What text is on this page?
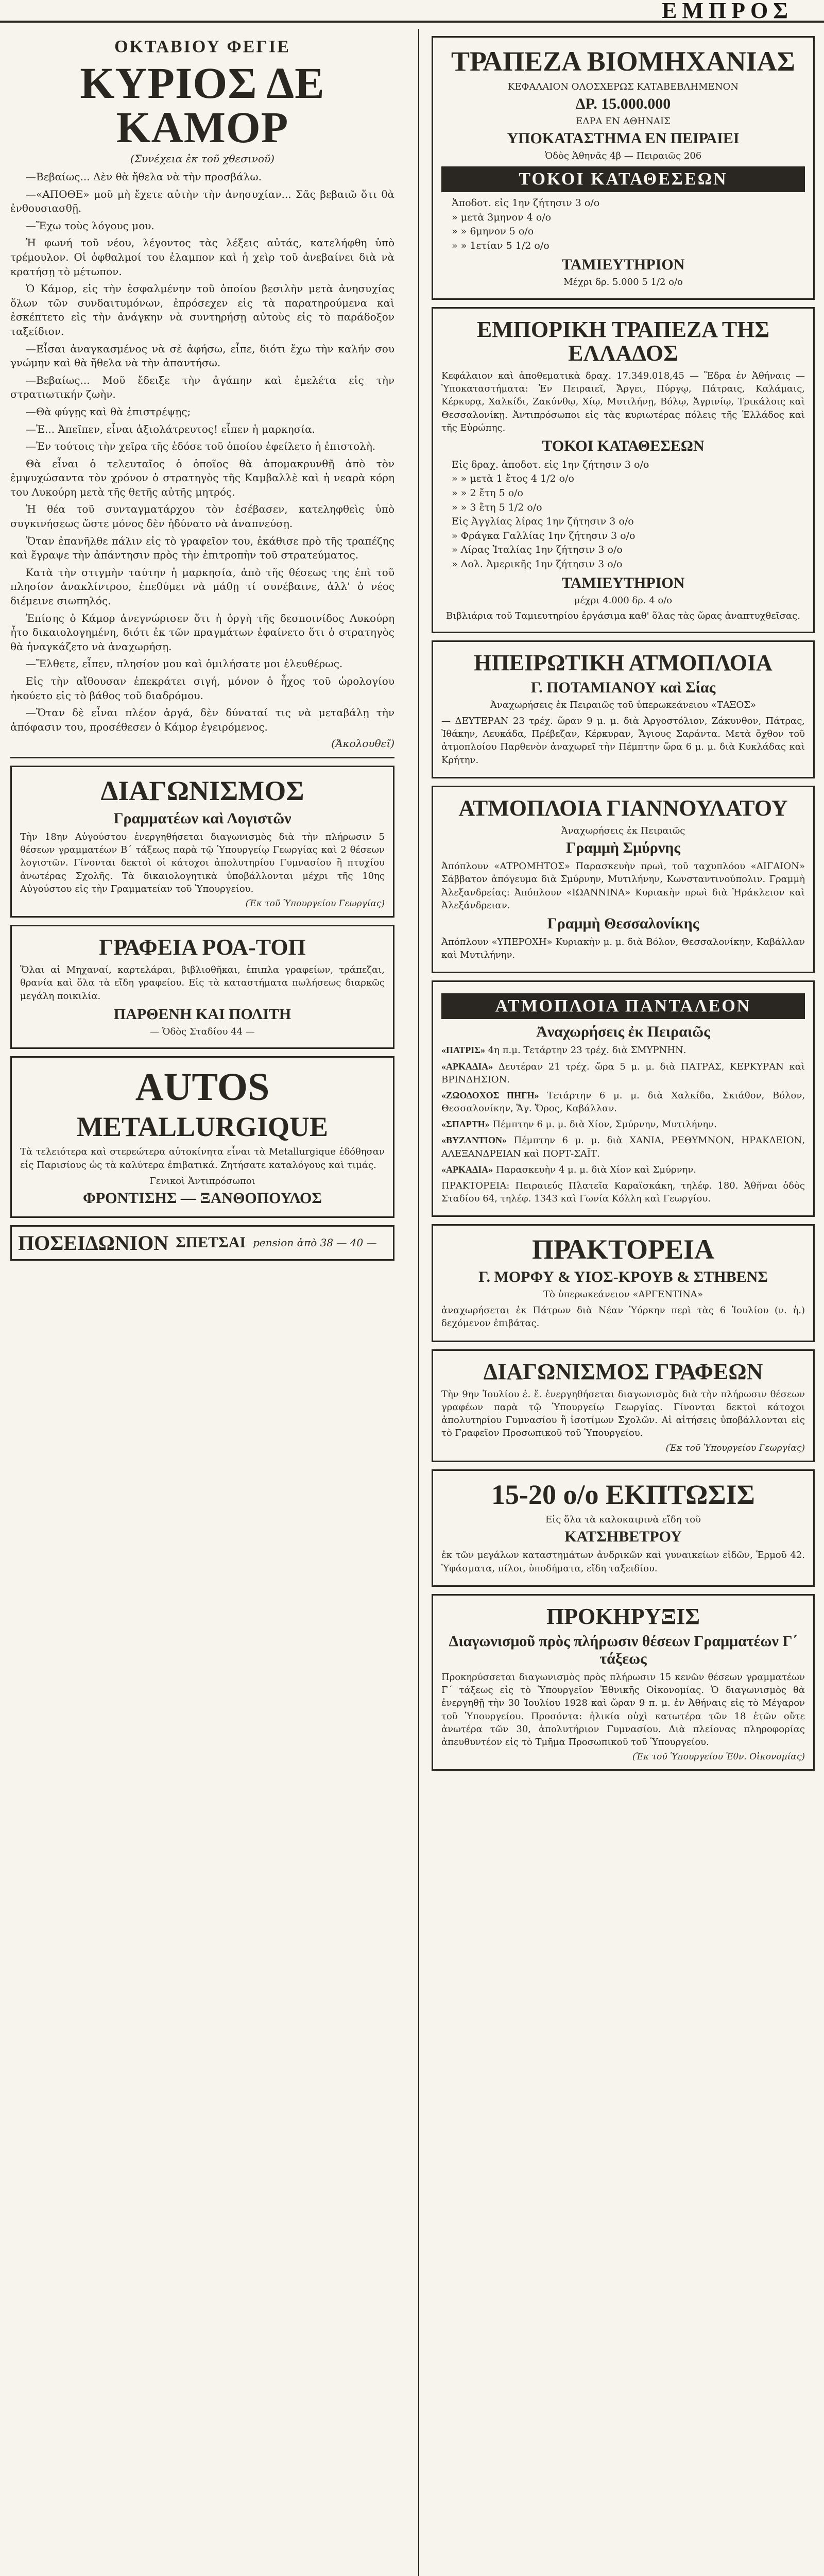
ΕΜΠΡΟΣ
ΟΚΤΑΒΙΟΥ ΦΕΓΙΕ
ΚΥΡΙΟΣ ΔΕ ΚΑΜΟΡ
(Συνέχεια ἐκ τοῦ χθεσινοῦ)

—Βεβαίως... Δὲν θὰ ἤθελα νὰ τὴν προσβάλω.

—«ΑΠΟΘΕ» μοῦ μὴ ἔχετε αὐτὴν τὴν ἀνησυχίαν... Σᾶς βεβαιῶ ὅτι θὰ ἐνθουσιασθῇ.

—Ἔχω τοὺς λόγους μου.

Ἡ φωνή τοῦ νέου, λέγοντος τὰς λέξεις αὐτάς, κατελήφθη ὑπὸ τρέμουλον. Οἱ ὀφθαλμοί του ἐλαμπον καὶ ἡ χεὶρ τοῦ ἀνεβαίνει διὰ νὰ κρατήσῃ τὸ μέτωπον.

Ὁ Κάμορ, εἰς τὴν ἐσφαλμένην τοῦ ὁποίου βεσιλὴν μετὰ ἀνησυχίας ὅλων τῶν συνδαιτυμόνων, ἐπρόσεχεν εἰς τὰ παρατηρούμενα καὶ ἐσκέπτετο εἰς τὴν ἀνάγκην νὰ συντηρήσῃ αὐτοὺς εἰς τὸ παράδοξον ταξείδιον.

—Εἶσαι ἀναγκασμένος νὰ σὲ ἀφήσω, εἶπε, διότι ἔχω τὴν καλήν σου γνώμην καὶ θὰ ἤθελα νὰ τὴν ἀπαντήσω.

—Βεβαίως... Μοῦ ἔδειξε τὴν ἀγάπην καὶ ἐμελέτα εἰς τὴν στρατιωτικήν ζωὴν.

—Θὰ φύγῃς καὶ θὰ ἐπιστρέψῃς;

—Ἐ... Ἀπεῖπεν, εἶναι ἀξιολάτρευτος! εἶπεν ἡ μαρκησία.

—Ἐν τούτοις τὴν χεῖρα τῆς ἐδόσε τοῦ ὁποίου ἐφείλετο ἡ ἐπιστολὴ.

Θὰ εἶναι ὁ τελευταῖος ὁ ὁποῖος θὰ ἀπομακρυνθῇ ἀπὸ τὸν ἐμψυχώσαντα τὸν χρόνον ὁ στρατηγὸς τῆς Καμβαλλὲ καὶ ἡ νεαρὰ κόρη του Λυκούρη μετὰ τῆς θετῆς αὐτῆς μητρός.

Ἡ θέα τοῦ συνταγματάρχου τὸν ἐσέβασεν, κατεληφθεὶς ὑπὸ συγκινήσεως ὥστε μόνος δὲν ἠδύνατο νὰ ἀναπνεύσῃ.

Ὅταν ἐπανῆλθε πάλιν εἰς τὸ γραφεῖον του, ἐκάθισε πρὸ τῆς τραπέζης καὶ ἔγραψε τὴν ἀπάντησιν πρὸς τὴν ἐπιτροπὴν τοῦ στρατεύματος.

Κατὰ τὴν στιγμὴν ταύτην ἡ μαρκησία, ἀπὸ τῆς θέσεως της ἐπὶ τοῦ πλησίον ἀνακλίντρου, ἐπεθύμει νὰ μάθῃ τί συνέβαινε, ἀλλ' ὁ νέος διέμεινε σιωπηλός.

Ἐπίσης ὁ Κάμορ ἀνεγνώρισεν ὅτι ἡ ὀργὴ τῆς δεσποινίδος Λυκούρη ἦτο δικαιολογημένη, διότι ἐκ τῶν πραγμάτων ἐφαίνετο ὅτι ὁ στρατηγὸς θὰ ἠναγκάζετο νὰ ἀναχωρήσῃ.

—Ἔλθετε, εἶπεν, πλησίον μου καὶ ὁμιλήσατε μοι ἐλευθέρως.

Εἰς τὴν αἴθουσαν ἐπεκράτει σιγή, μόνον ὁ ἦχος τοῦ ὡρολογίου ἠκούετο εἰς τὸ βάθος τοῦ διαδρόμου.

—Ὅταν δὲ εἶναι πλέον ἀργά, δὲν δύναταί τις νὰ μεταβάλῃ τὴν ἀπόφασιν του, προσέθεσεν ὁ Κάμορ ἐγειρόμενος.

(Ἀκολουθεῖ)
ΔΙΑΓΩΝΙΣΜΟΣ
Γραμματέων καὶ Λογιστῶν
Τὴν 18ην Αὐγούστου ἐνεργηθήσεται διαγωνισμὸς διὰ τὴν πλήρωσιν 5 θέσεων γραμματέων Β΄ τάξεως παρὰ τῷ Ὑπουργείῳ Γεωργίας καὶ 2 θέσεων λογιστῶν. Γίνονται δεκτοὶ οἱ κάτοχοι ἀπολυτηρίου Γυμνασίου ἢ πτυχίου ἀνωτέρας Σχολῆς. Τὰ δικαιολογητικὰ ὑποβάλλονται μέχρι τῆς 10ης Αὐγούστου εἰς τὴν Γραμματείαν τοῦ Ὑπουργείου.
(Ἐκ τοῦ Ὑπουργείου Γεωργίας)
ΓΡΑΦΕΙΑ ΡΟΑ-ΤΟΠ
Ὅλαι αἱ Μηχαναί, καρτελάραι, βιβλιοθῆκαι, ἐπιπλα γραφείων, τράπεζαι, θρανία καὶ ὅλα τὰ εἴδη γραφείου. Εἰς τὰ καταστήματα πωλήσεως διαρκῶς μεγάλη ποικιλία.
ΠΑΡΘΕΝΗ ΚΑΙ ΠΟΛΙΤΗ
— Ὁδὸς Σταδίου 44 —
AUTOS
METALLURGIQUE
Τὰ τελειότερα καὶ στερεώτερα αὐτοκίνητα εἶναι τὰ Metallurgique ἐδόθησαν εἰς Παρισίους ὡς τὰ καλύτερα ἐπιβατικά. Ζητήσατε καταλόγους καὶ τιμάς.
Γενικοὶ Ἀντιπρόσωποι
ΦΡΟΝΤΙΣΗΣ — ΞΑΝΘΟΠΟΥΛΟΣ
ΠΟΣΕΙΔΩΝΙΟΝ ΣΠΕΤΣΑΙ pension ἀπὸ 38 — 40 —
ΤΡΑΠΕΖΑ ΒΙΟΜΗΧΑΝΙΑΣ
ΚΕΦΑΛΑΙΟΝ ΟΛΟΣΧΕΡΩΣ ΚΑΤΑΒΕΒΛΗΜΕΝΟΝ
ΔΡ. 15.000.000
ΕΔΡΑ ΕΝ ΑΘΗΝΑΙΣ
ΥΠΟΚΑΤΑΣΤΗΜΑ ΕΝ ΠΕΙΡΑΙΕΙ
Ὁδὸς Ἀθηνᾶς 4β — Πειραιῶς 206
ΤΟΚΟΙ ΚΑΤΑΘΕΣΕΩΝ
Ἀποδοτ. εἰς 1ην ζήτησιν 3 ο/ο
» μετὰ 3μηνον 4 ο/ο
» » 6μηνον 5 ο/ο
» » 1ετίαν 5 1/2 ο/ο
ΤΑΜΙΕΥΤΗΡΙΟΝ
Μέχρι δρ. 5.000 5 1/2 ο/ο
ΕΜΠΟΡΙΚΗ ΤΡΑΠΕΖΑ ΤΗΣ ΕΛΛΑΔΟΣ
Κεφάλαιον καὶ ἀποθεματικὰ δραχ. 17.349.018,45 — Ἕδρα ἐν Ἀθήναις — Ὑποκαταστήματα: Ἐν Πειραιεῖ, Ἄργει, Πύργῳ, Πάτραις, Καλάμαις, Κέρκυρᾳ, Χαλκίδι, Ζακύνθῳ, Χίῳ, Μυτιλήνῃ, Βόλῳ, Ἀγρινίῳ, Τρικάλοις καὶ Θεσσαλονίκῃ. Ἀντιπρόσωποι εἰς τὰς κυριωτέρας πόλεις τῆς Ἑλλάδος καὶ τῆς Εὐρώπης.
ΤΟΚΟΙ ΚΑΤΑΘΕΣΕΩΝ
Εἰς δραχ. ἀποδοτ. εἰς 1ην ζήτησιν 3 ο/ο
» » μετὰ 1 ἔτος 4 1/2 ο/ο
» » 2 ἔτη 5 ο/ο
» » 3 ἔτη 5 1/2 ο/ο
Εἰς Ἀγγλίας λίρας 1ην ζήτησιν 3 ο/ο
» Φράγκα Γαλλίας 1ην ζήτησιν 3 ο/ο
» Λίρας Ἰταλίας 1ην ζήτησιν 3 ο/ο
» Δολ. Ἀμερικῆς 1ην ζήτησιν 3 ο/ο
ΤΑΜΙΕΥΤΗΡΙΟΝ
μέχρι 4.000 δρ. 4 ο/ο
Βιβλιάρια τοῦ Ταμιευτηρίου ἐργάσιμα καθ' ὅλας τὰς ὥρας ἀναπτυχθεῖσας.
ΗΠΕΙΡΩΤΙΚΗ ΑΤΜΟΠΛΟΙΑ
Γ. ΠΟΤΑΜΙΑΝΟΥ καὶ Σίας
Ἀναχωρήσεις ἐκ Πειραιῶς τοῦ ὑπερωκεάνειου «ΤΑΞΟΣ»
— ΔΕΥΤΕΡΑΝ 23 τρέχ. ὥραν 9 μ. μ. διὰ Ἀργοστόλιον, Ζάκυνθον, Πάτρας, Ἰθάκην, Λευκάδα, Πρέβεζαν, Κέρκυραν, Ἅγιους Σαράντα. Μετὰ ὄχθον τοῦ ἀτμοπλοίου Παρθενὸν ἀναχωρεῖ τὴν Πέμπτην ὥρα 6 μ. μ. διὰ Κυκλάδας καὶ Κρήτην.
ΑΤΜΟΠΛΟΙΑ ΓΙΑΝΝΟΥΛΑΤΟΥ
Ἀναχωρήσεις ἐκ Πειραιῶς
Γραμμὴ Σμύρνης
Ἀπόπλουν «ΑΤΡΟΜΗΤΟΣ» Παρασκευὴν πρωὶ, τοῦ ταχυπλόου «ΑΙΓΑΙΟΝ» Σάββατον ἀπόγευμα διὰ Σμύρνην, Μυτιλήνην, Κωνσταντινούπολιν. Γραμμὴ Ἀλεξανδρείας: Ἀπόπλουν «ΙΩΑΝΝΙΝΑ» Κυριακὴν πρωὶ διὰ Ἡράκλειον καὶ Ἀλεξάνδρειαν.
Γραμμὴ Θεσσαλονίκης
Ἀπόπλουν «ΥΠΕΡΟΧΗ» Κυριακὴν μ. μ. διὰ Βόλον, Θεσσαλονίκην, Καβάλλαν καὶ Μυτιλήνην.
ΑΤΜΟΠΛΟΙΑ ΠΑΝΤΑΛΕΟΝ
Ἀναχωρήσεις ἐκ Πειραιῶς
«ΠΑΤΡΙΣ» 4η π.μ. Τετάρτην 23 τρέχ. διὰ ΣΜΥΡΝΗΝ.
«ΑΡΚΑΔΙΑ» Δευτέραν 21 τρέχ. ὥρα 5 μ. μ. διὰ ΠΑΤΡΑΣ, ΚΕΡΚΥΡΑΝ καὶ ΒΡΙΝΔΗΣΙΟΝ.
«ΖΩΟΔΟΧΟΣ ΠΗΓΗ» Τετάρτην 6 μ. μ. διὰ Χαλκίδα, Σκιάθον, Βόλον, Θεσσαλονίκην, Ἅγ. Ὄρος, Καβάλλαν.
«ΣΠΑΡΤΗ» Πέμπτην 6 μ. μ. διὰ Χίον, Σμύρνην, Μυτιλήνην.
«ΒΥΖΑΝΤΙΟΝ» Πέμπτην 6 μ. μ. διὰ ΧΑΝΙΑ, ΡΕΘΥΜΝΟΝ, ΗΡΑΚΛΕΙΟΝ, ΑΛΕΞΑΝΔΡΕΙΑΝ καὶ ΠΟΡΤ-ΣΑΪΤ.
«ΑΡΚΑΔΙΑ» Παρασκευὴν 4 μ. μ. διὰ Χίον καὶ Σμύρνην.
ΠΡΑΚΤΟΡΕΙΑ: Πειραιεύς Πλατεῖα Καραϊσκάκη, τηλέφ. 180. Ἀθῆναι ὁδὸς Σταδίου 64, τηλέφ. 1343 καὶ Γωνία Κόλλη καὶ Γεωργίου.
ΠΡΑΚΤΟΡΕΙΑ
Γ. ΜΟΡΦΥ & ΥΙΟΣ-ΚΡΟΥΒ & ΣΤΗΒΕΝΣ
Τὸ ὑπερωκεάνειον «ΑΡΓΕΝΤΙΝΑ»
ἀναχωρήσεται ἐκ Πάτρων διὰ Νέαν Ὑόρκην περὶ τὰς 6 Ἰουλίου (ν. ἡ.) δεχόμενον ἐπιβάτας.
ΔΙΑΓΩΝΙΣΜΟΣ ΓΡΑΦΕΩΝ
Τὴν 9ην Ἰουλίου ἐ. ἔ. ἐνεργηθήσεται διαγωνισμὸς διὰ τὴν πλήρωσιν θέσεων γραφέων παρὰ τῷ Ὑπουργείῳ Γεωργίας. Γίνονται δεκτοὶ κάτοχοι ἀπολυτηρίου Γυμνασίου ἢ ἰσοτίμων Σχολῶν. Αἱ αἰτήσεις ὑποβάλλονται εἰς τὸ Γραφεῖον Προσωπικοῦ τοῦ Ὑπουργείου.
(Ἐκ τοῦ Ὑπουργείου Γεωργίας)
15-20 ο/ο ΕΚΠΤΩΣΙΣ
Εἰς ὅλα τὰ καλοκαιρινὰ εἴδη τοῦ
ΚΑΤΣΗΒΕΤΡΟΥ
ἐκ τῶν μεγάλων καταστημάτων ἀνδρικῶν καὶ γυναικείων εἰδῶν, Ἑρμοῦ 42. Ὑφάσματα, πίλοι, ὑποδήματα, εἴδη ταξειδίου.
ΠΡΟΚΗΡΥΞΙΣ
Διαγωνισμοῦ πρὸς πλήρωσιν θέσεων Γραμματέων Γ΄ τάξεως
Προκηρύσσεται διαγωνισμὸς πρὸς πλήρωσιν 15 κενῶν θέσεων γραμματέων Γ΄ τάξεως εἰς τὸ Ὑπουργεῖον Ἐθνικῆς Οἰκονομίας. Ὁ διαγωνισμὸς θὰ ἐνεργηθῇ τὴν 30 Ἰουλίου 1928 καὶ ὥραν 9 π. μ. ἐν Ἀθήναις εἰς τὸ Μέγαρον τοῦ Ὑπουργείου. Προσόντα: ἡλικία οὐχὶ κατωτέρα τῶν 18 ἐτῶν οὔτε ἀνωτέρα τῶν 30, ἀπολυτήριον Γυμνασίου. Διὰ πλείονας πληροφορίας ἀπευθυντέον εἰς τὸ Τμῆμα Προσωπικοῦ τοῦ Ὑπουργείου.
(Ἐκ τοῦ Ὑπουργείου Ἐθν. Οἰκονομίας)
